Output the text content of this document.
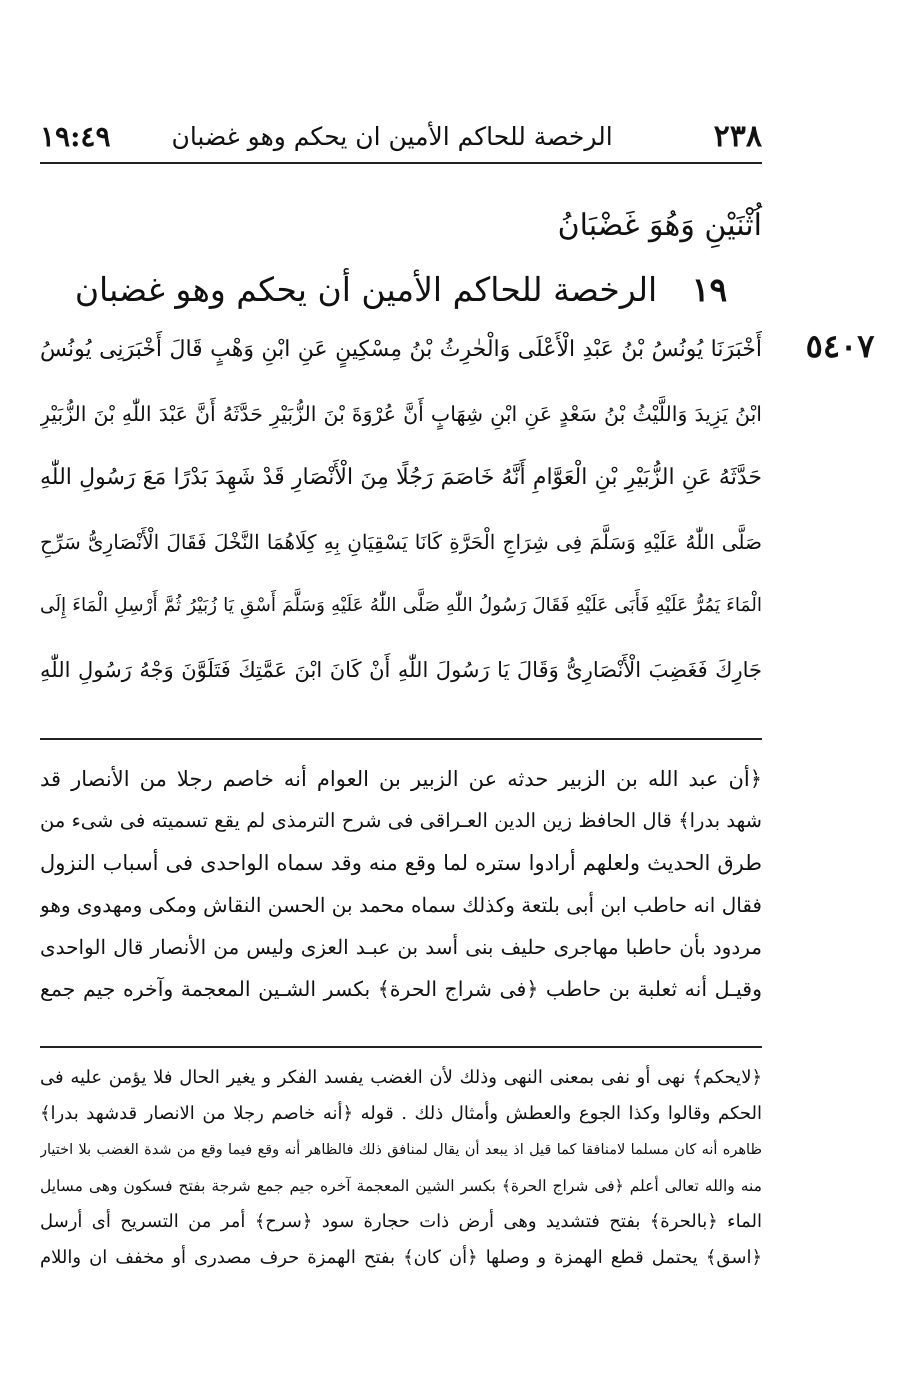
٢٣٨
الرخصة للحاكم الأمين ان يحكم وهو غضبان
١٩:٤٩
اُثْنَيْنِ وَهُوَ غَضْبَانُ
١٩ الرخصة للحاكم الأمين أن يحكم وهو غضبان
٥٤٠٧
أَخْبَرَنَا يُونُسُ بْنُ عَبْدِ الْأَعْلَى وَالْحٰرِثُ بْنُ مِسْكِينٍ عَنِ ابْنِ وَهْبٍ قَالَ أَخْبَرَنِى يُونُسُ
ابْنُ يَزِيدَ وَاللَّيْثُ بْنُ سَعْدٍ عَنِ ابْنِ شِهَابٍ أَنَّ عُرْوَةَ بْنَ الزُّبَيْرِ حَدَّثَهُ أَنَّ عَبْدَ اللّٰهِ بْنَ الزُّبَيْرِ
حَدَّثَهُ عَنِ الزُّبَيْرِ بْنِ الْعَوَّامِ أَنَّهُ خَاصَمَ رَجُلًا مِنَ الْأَنْصَارِ قَدْ شَهِدَ بَدْرًا مَعَ رَسُولِ اللّٰهِ
صَلَّى اللّٰهُ عَلَيْهِ وَسَلَّمَ فِى شِرَاجِ الْحَرَّةِ كَانَا يَسْقِيَانِ بِهِ كِلَاهُمَا النَّخْلَ فَقَالَ الْأَنْصَارِىُّ سَرِّحِ
الْمَاءَ يَمُرُّ عَلَيْهِ فَأَبَى عَلَيْهِ فَقَالَ رَسُولُ اللّٰهِ صَلَّى اللّٰهُ عَلَيْهِ وَسَلَّمَ أَسْقِ يَا زُبَيْرُ ثُمَّ أَرْسِلِ الْمَاءَ إِلَى
جَارِكَ فَغَضِبَ الْأَنْصَارِىُّ وَقَالَ يَا رَسُولَ اللّٰهِ أَنْ كَانَ ابْنَ عَمَّتِكَ فَتَلَوَّنَ وَجْهُ رَسُولِ اللّٰهِ
﴿أن عبد الله بن الزبير حدثه عن الزبير بن العوام أنه خاصم رجلا من الأنصار قد
شهد بدرا﴾ قال الحافظ زين الدين العـراقى فى شرح الترمذى لم يقع تسميته فى شىء من
طرق الحديث ولعلهم أرادوا ستره لما وقع منه وقد سماه الواحدى فى أسباب النزول
فقال انه حاطب ابن أبى بلتعة وكذلك سماه محمد بن الحسن النقاش ومكى ومهدوى وهو
مردود بأن حاطبا مهاجرى حليف بنى أسد بن عبـد العزى وليس من الأنصار قال الواحدى
وقيـل أنه ثعلبة بن حاطب ﴿فى شراج الحرة﴾ بكسر الشـين المعجمة وآخره جيم جمع
﴿لايحكم﴾ نهى أو نفى بمعنى النهى وذلك لأن الغضب يفسد الفكر و يغير الحال فلا يؤمن عليه فى
الحكم وقالوا وكذا الجوع والعطش وأمثال ذلك . قوله ﴿أنه خاصم رجلا من الانصار قدشهد بدرا﴾
ظاهره أنه كان مسلما لامنافقا كما قيل اذ يبعد أن يقال لمنافق ذلك فالظاهر أنه وقع فيما وقع من شدة الغضب بلا اختيار
منه والله تعالى أعلم ﴿فى شراج الحرة﴾ بكسر الشين المعجمة آخره جيم جمع شرجة بفتح فسكون وهى مسايل
الماء ﴿بالحرة﴾ بفتح فتشديد وهى أرض ذات حجارة سود ﴿سرح﴾ أمر من التسريح أى أرسل
﴿اسق﴾ يحتمل قطع الهمزة و وصلها ﴿أن كان﴾ بفتح الهمزة حرف مصدرى أو مخفف ان واللام
